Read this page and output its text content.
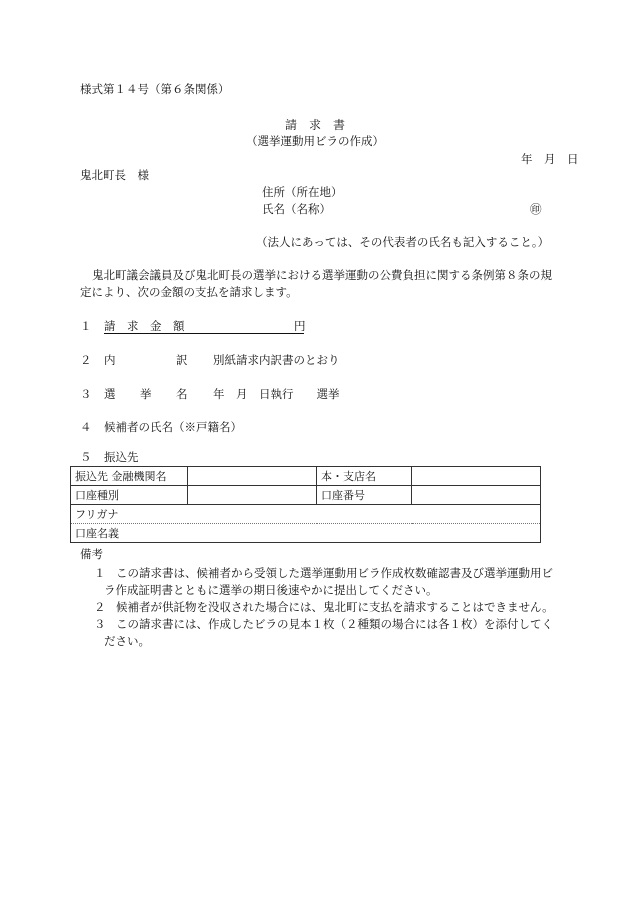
様式第１４号（第６条関係）
請　求　書
（選挙運動用ビラの作成）
年　月　日
鬼北町長　様
住所（所在地）
氏名（名称）	㊞
（法人にあっては、その代表者の氏名も記入すること。）
鬼北町議会議員及び鬼北町長の選挙における選挙運動の公費負担に関する条例第８条の規
定により、次の金額の支払を請求します。
１ 請　求　金　額	円
２ 内	訳 別紙請求内訳書のとおり
３ 選 挙 名 年　月　日執行　　選挙
４ 候補者の氏名（※戸籍名）
５ 振込先
振込先 金融機関名		本・支店名	
口座種別		口座番号	
フリガナ			
口座名義			
備考
１ この請求書は、候補者から受領した選挙運動用ビラ作成枚数確認書及び選挙運動用ビ
ラ作成証明書とともに選挙の期日後速やかに提出してください。
２ 候補者が供託物を没収された場合には、鬼北町に支払を請求することはできません。
３ この請求書には、作成したビラの見本１枚（２種類の場合には各１枚）を添付してく
ださい。
